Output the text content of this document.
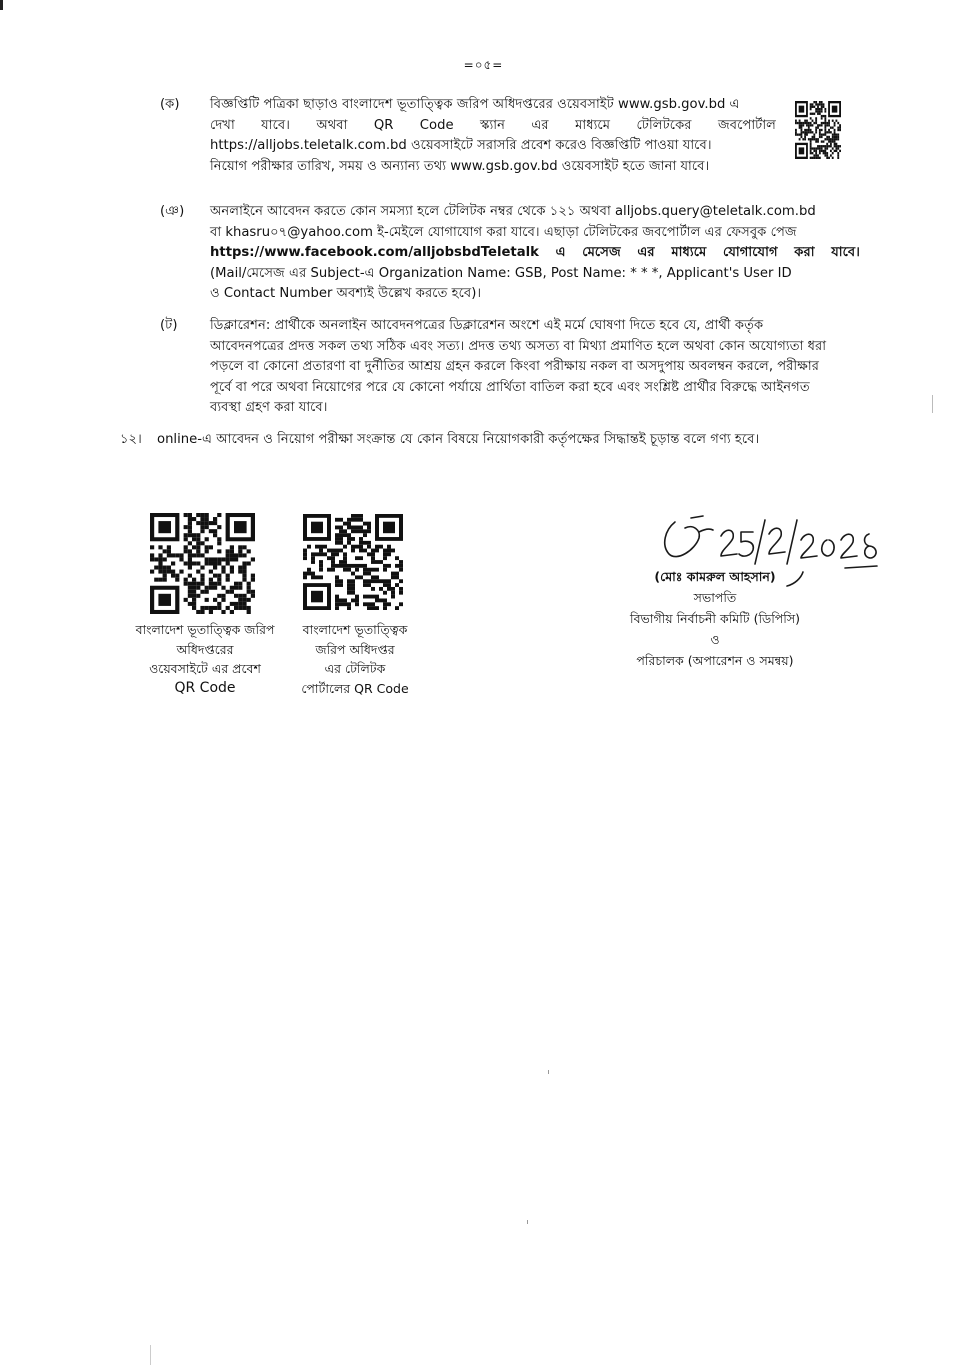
=০৫=
(ক) বিজ্ঞপ্তিটি পত্রিকা ছাড়াও বাংলাদেশ ভূতাত্ত্বিক জরিপ অধিদপ্তরের ওয়েবসাইট www.gsb.gov.bd এ
দেখা যাবে। অথবা QR Code স্ক্যান এর মাধ্যমে টেলিটকের জবপোর্টাল
https://alljobs.teletalk.com.bd ওয়েবসাইটে সরাসরি প্রবেশ করেও বিজ্ঞপ্তিটি পাওয়া যাবে।
নিয়োগ পরীক্ষার তারিখ, সময় ও অন্যান্য তথ্য www.gsb.gov.bd ওয়েবসাইট হতে জানা যাবে।
(ঞ) অনলাইনে আবেদন করতে কোন সমস্যা হলে টেলিটক নম্বর থেকে ১২১ অথবা alljobs.query@teletalk.com.bd
বা khasru০৭@yahoo.com ই-মেইলে যোগাযোগ করা যাবে। এছাড়া টেলিটকের জবপোর্টাল এর ফেসবুক পেজ
https://www.facebook.com/alljobsbdTeletalk এ মেসেজ এর মাধ্যমে যোগাযোগ করা যাবে।
(Mail/মেসেজ এর Subject-এ Organization Name: GSB, Post Name: * * *, Applicant's User ID
ও Contact Number অবশ্যই উল্লেখ করতে হবে)।
(ট) ডিক্লারেশন: প্রার্থীকে অনলাইন আবেদনপত্রের ডিক্লারেশন অংশে এই মর্মে ঘোষণা দিতে হবে যে, প্রার্থী কর্তৃক
আবেদনপত্রের প্রদত্ত সকল তথ্য সঠিক এবং সত্য। প্রদত্ত তথ্য অসত্য বা মিথ্যা প্রমাণিত হলে অথবা কোন অযোগ্যতা ধরা
পড়লে বা কোনো প্রতারণা বা দুর্নীতির আশ্রয় গ্রহন করলে কিংবা পরীক্ষায় নকল বা অসদুপায় অবলম্বন করলে, পরীক্ষার
পূর্বে বা পরে অথবা নিয়োগের পরে যে কোনো পর্যায়ে প্রার্থিতা বাতিল করা হবে এবং সংশ্লিষ্ট প্রার্থীর বিরুদ্ধে আইনগত
ব্যবস্থা গ্রহণ করা যাবে।
১২। online-এ আবেদন ও নিয়োগ পরীক্ষা সংক্রান্ত যে কোন বিষয়ে নিয়োগকারী কর্তৃপক্ষের সিদ্ধান্তই চূড়ান্ত বলে গণ্য হবে।
বাংলাদেশ ভূতাত্ত্বিক জরিপ
অধিদপ্তরের
ওয়েবসাইটে এর প্রবেশ
QR Code
বাংলাদেশ ভূতাত্ত্বিক
জরিপ অধিদপ্তর
এর টেলিটক
পোর্টালের QR Code
(মোঃ কামরুল আহসান)
সভাপতি
বিভাগীয় নির্বাচনী কমিটি (ডিপিসি)
ও
পরিচালক (অপারেশন ও সমন্বয়)
